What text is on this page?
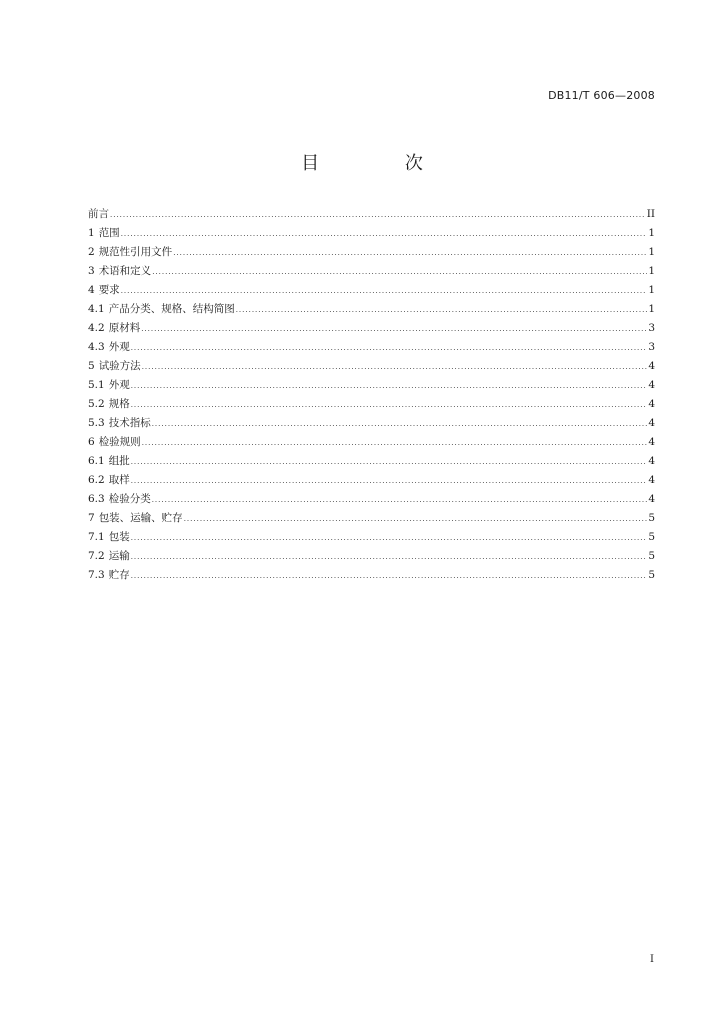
DB11/T 606—2008
目 次
前言 .....	II
1 范围 .....	1
2 规范性引用文件 .....	1
3 术语和定义 .....	1
4 要求 .....	1
4.1 产品分类、规格、结构简图 .....	1
4.2 原材料 .....	3
4.3 外观 .....	3
5 试验方法 .....	4
5.1 外观 .....	4
5.2 规格 .....	4
5.3 技术指标 .....	4
6 检验规则 .....	4
6.1 组批 .....	4
6.2 取样 .....	4
6.3 检验分类 .....	4
7 包装、运输、贮存 .....	5
7.1 包装 .....	5
7.2 运输 .....	5
7.3 贮存 .....	5
I
